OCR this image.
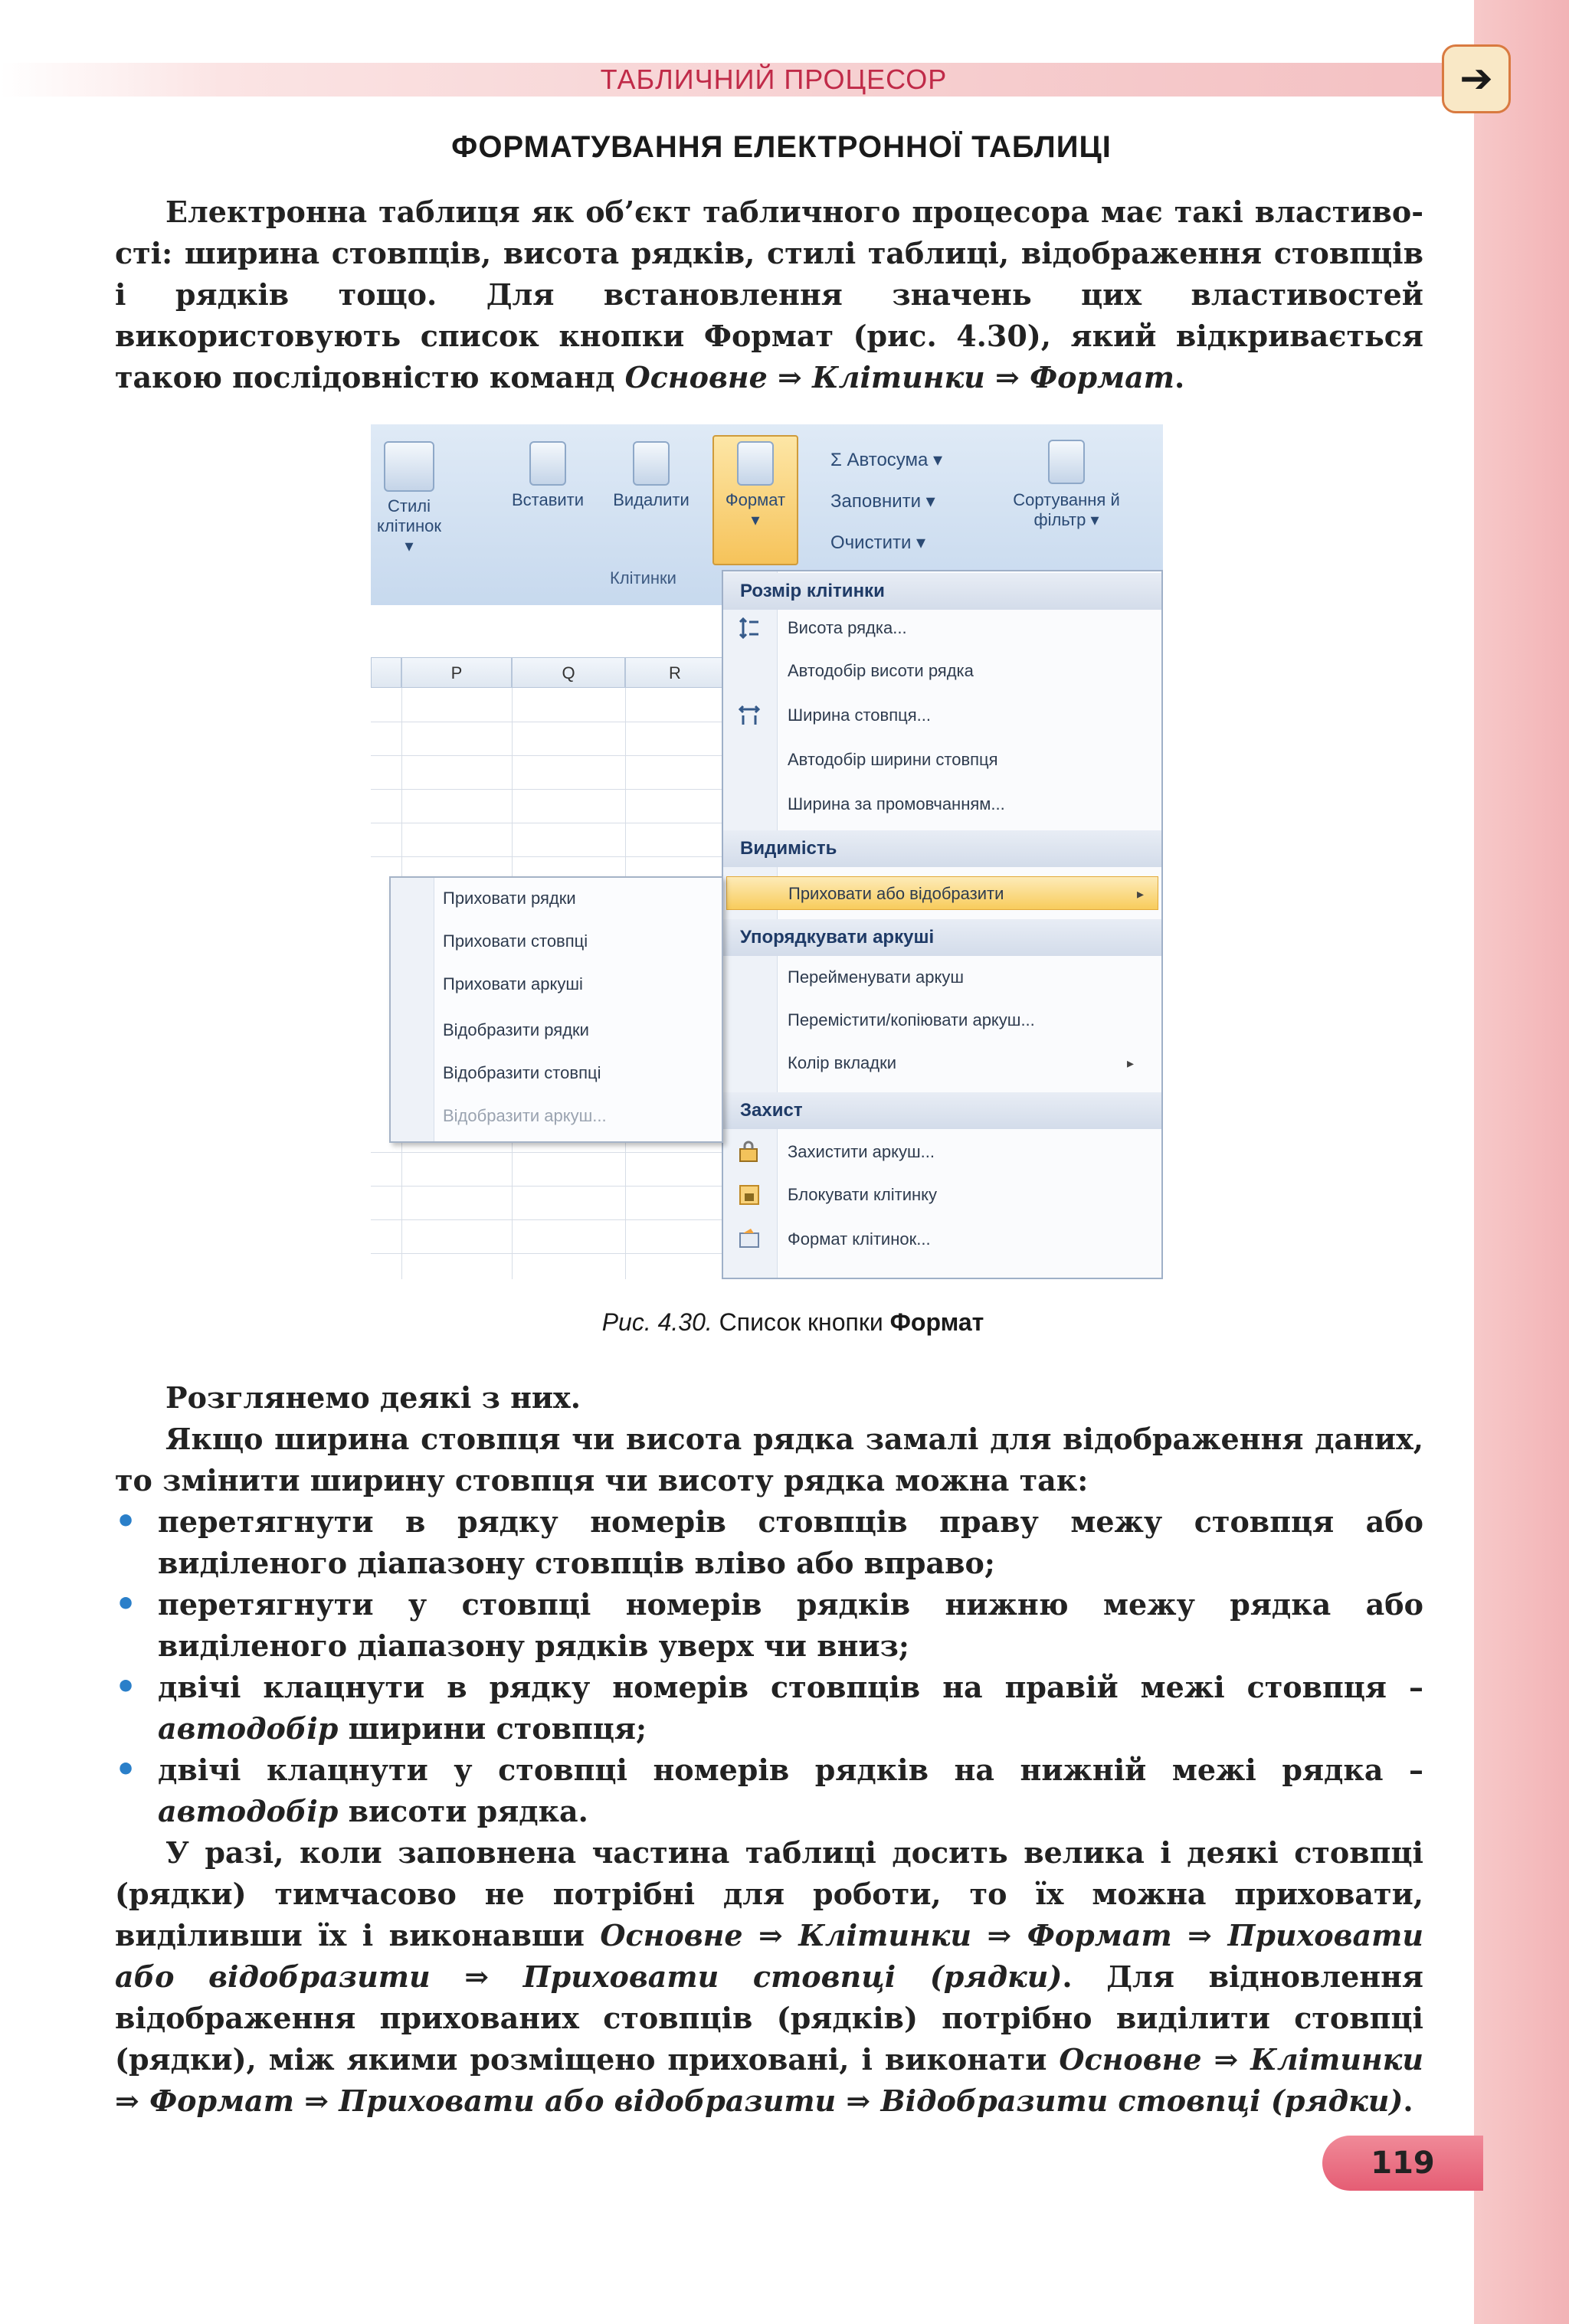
ТАБЛИЧНИЙ ПРОЦЕСОР	➔
ФОРМАТУВАННЯ ЕЛЕКТРОННОЇ ТАБЛИЦІ

Електронна таблиця як об’єкт табличного процесора має такі властиво-сті: ширина стовпців, висота рядків, стилі таблиці, відображення стовпців і рядків тощо. Для встановлення значень цих властивостей використовують список кнопки Формат (рис. 4.30), який відкривається такою послідовністю команд Основне ⇒ Клітинки ⇒ Формат.

Стилі клітинок ▾
Вставити	Видалити	Формат
▾
Клітинки
Σ Автосума ▾
Заповнити ▾
Очистити ▾
Сортування й фільтр ▾
P	Q	R
Розмір клітинки
Висота рядка...
Автодобір висоти рядка
Ширина стовпця...
Автодобір ширини стовпця
Ширина за промовчанням...
Видимість
Приховати або відобразити	▸
Упорядкувати аркуші
Перейменувати аркуш
Перемістити/копіювати аркуш...
Колір вкладки	▸
Захист
Захистити аркуш...
Блокувати клітинку
Формат клітинок...
Приховати рядки
Приховати стовпці
Приховати аркуші
Відобразити рядки
Відобразити стовпці
Відобразити аркуш...
Рис. 4.30. Список кнопки Формат

Розглянемо деякі з них.

Якщо ширина стовпця чи висота рядка замалі для відображення даних, то змінити ширину стовпця чи висоту рядка можна так:

• перетягнути в рядку номерів стовпців праву межу стовпця або виділеного діапазону стовпців вліво або вправо;
• перетягнути у стовпці номерів рядків нижню межу рядка або виділеного діапазону рядків уверх чи вниз;
• двічі клацнути в рядку номерів стовпців на правій межі стовпця – автодобір ширини стовпця;
• двічі клацнути у стовпці номерів рядків на нижній межі рядка – автодобір висоти рядка.

У разі, коли заповнена частина таблиці досить велика і деякі стовпці (рядки) тимчасово не потрібні для роботи, то їх можна приховати, виділивши їх і виконавши Основне ⇒ Клітинки ⇒ Формат ⇒ Приховати або відобразити ⇒ Приховати стовпці (рядки). Для відновлення відображення прихованих стовпців (рядків) потрібно виділити стовпці (рядки), між якими розміщено приховані, і виконати Основне ⇒ Клітинки ⇒ Формат ⇒ Приховати або відобразити ⇒ Відобразити стовпці (рядки).

119
